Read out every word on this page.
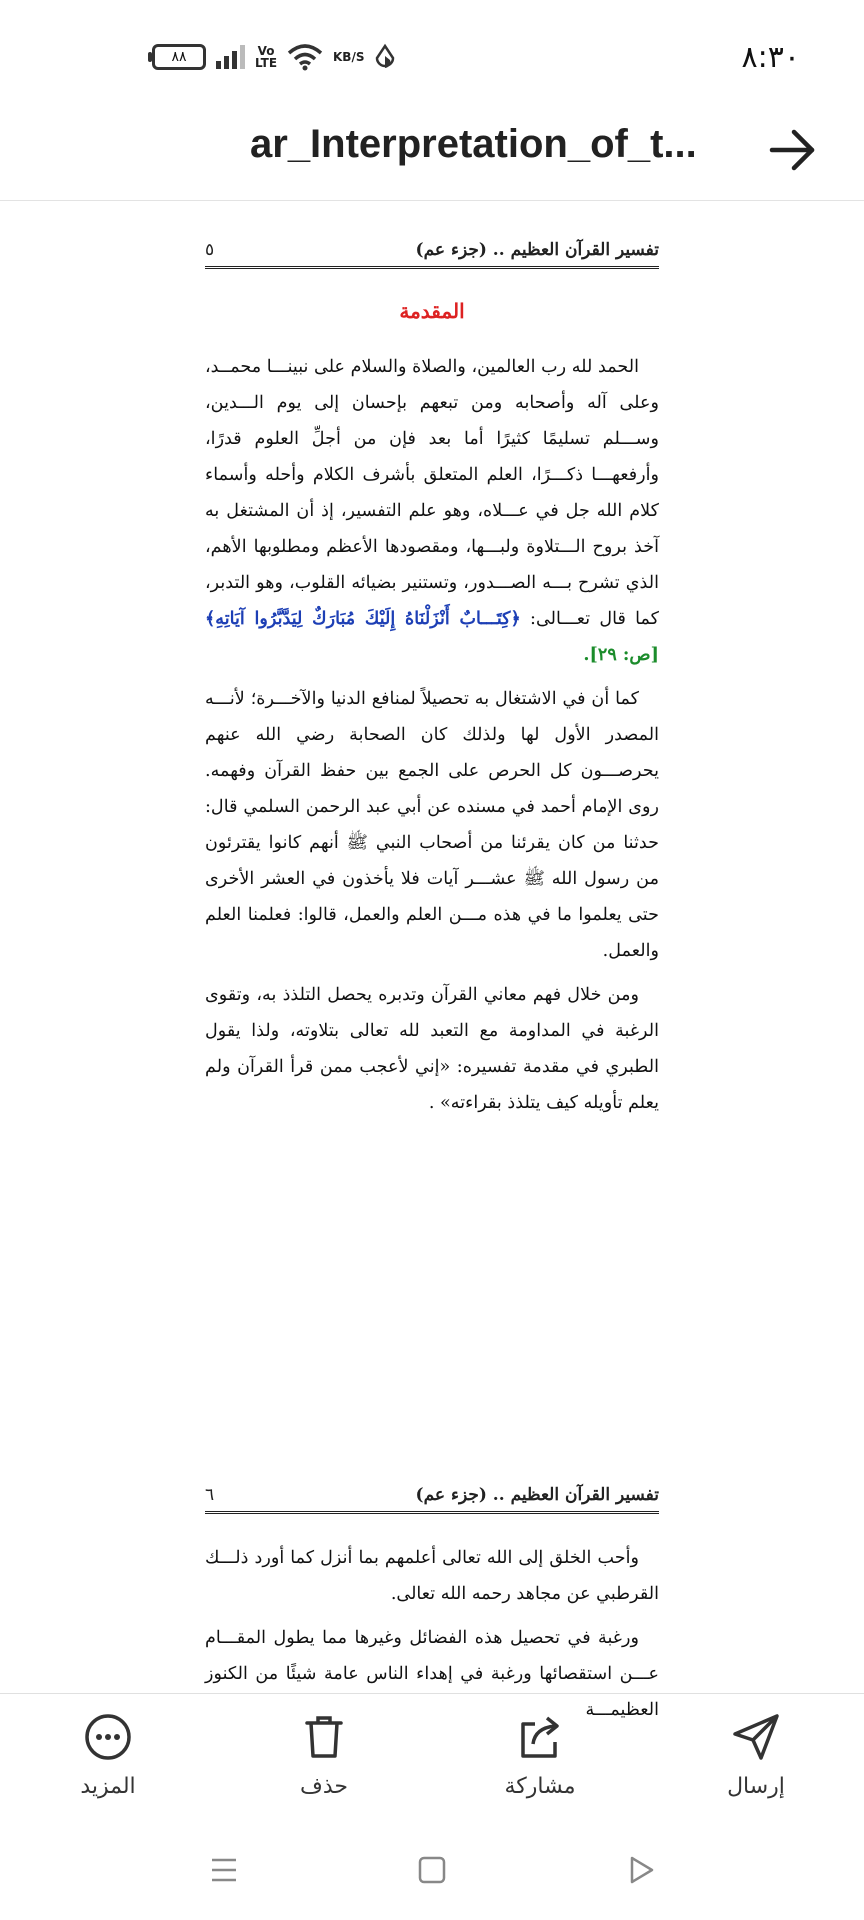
٨٨	Vo LTE	KB/S	٨:٣٠
ar_Interpretation_of_t...
تفسير القرآن العظيم .. (جزء عم)
٥
المقدمة

الحمد لله رب العالمين، والصلاة والسلام على نبينـــا محمــد، وعلى آله وأصحابه ومن تبعهم بإحسان إلى يوم الـــدين، وســـلم تسليمًا كثيرًا أما بعد فإن من أجلِّ العلوم قدرًا، وأرفعهـــا ذكـــرًا، العلم المتعلق بأشرف الكلام وأحله وأسماء كلام الله جل في عـــلاه، وهو علم التفسير، إذ أن المشتغل به آخذ بروح الـــتلاوة ولبـــها، ومقصودها الأعظم ومطلوبها الأهم، الذي تشرح بـــه الصـــدور، وتستنير بضيائه القلوب، وهو التدبر، كما قال تعـــالى: ﴿كِتَـــابٌ أَنْزَلْنَاهُ إِلَيْكَ مُبَارَكٌ لِيَدَّبَّرُوا آيَاتِهِ﴾ [ص: ٢٩].

كما أن في الاشتغال به تحصيلاً لمنافع الدنيا والآخـــرة؛ لأنـــه المصدر الأول لها ولذلك كان الصحابة رضي الله عنهم يحرصـــون كل الحرص على الجمع بين حفظ القرآن وفهمه. روى الإمام أحمد في مسنده عن أبي عبد الرحمن السلمي قال: حدثنا من كان يقرئنا من أصحاب النبي ﷺ أنهم كانوا يقترئون من رسول الله ﷺ عشـــر آيات فلا يأخذون في العشر الأخرى حتى يعلموا ما في هذه مـــن العلم والعمل، قالوا: فعلمنا العلم والعمل.

ومن خلال فهم معاني القرآن وتدبره يحصل التلذذ به، وتقوى الرغبة في المداومة مع التعبد لله تعالى بتلاوته، ولذا يقول الطبري في مقدمة تفسيره: «إني لأعجب ممن قرأ القرآن ولم يعلم تأويله كيف يتلذذ بقراءته» .

تفسير القرآن العظيم .. (جزء عم)
٦

وأحب الخلق إلى الله تعالى أعلمهم بما أنزل كما أورد ذلـــك القرطبي عن مجاهد رحمه الله تعالى.

ورغبة في تحصيل هذه الفضائل وغيرها مما يطول المقـــام عـــن استقصائها ورغبة في إهداء الناس عامة شيئًا من الكنوز العظيمـــة

المزيد	حذف	مشاركة	إرسال
